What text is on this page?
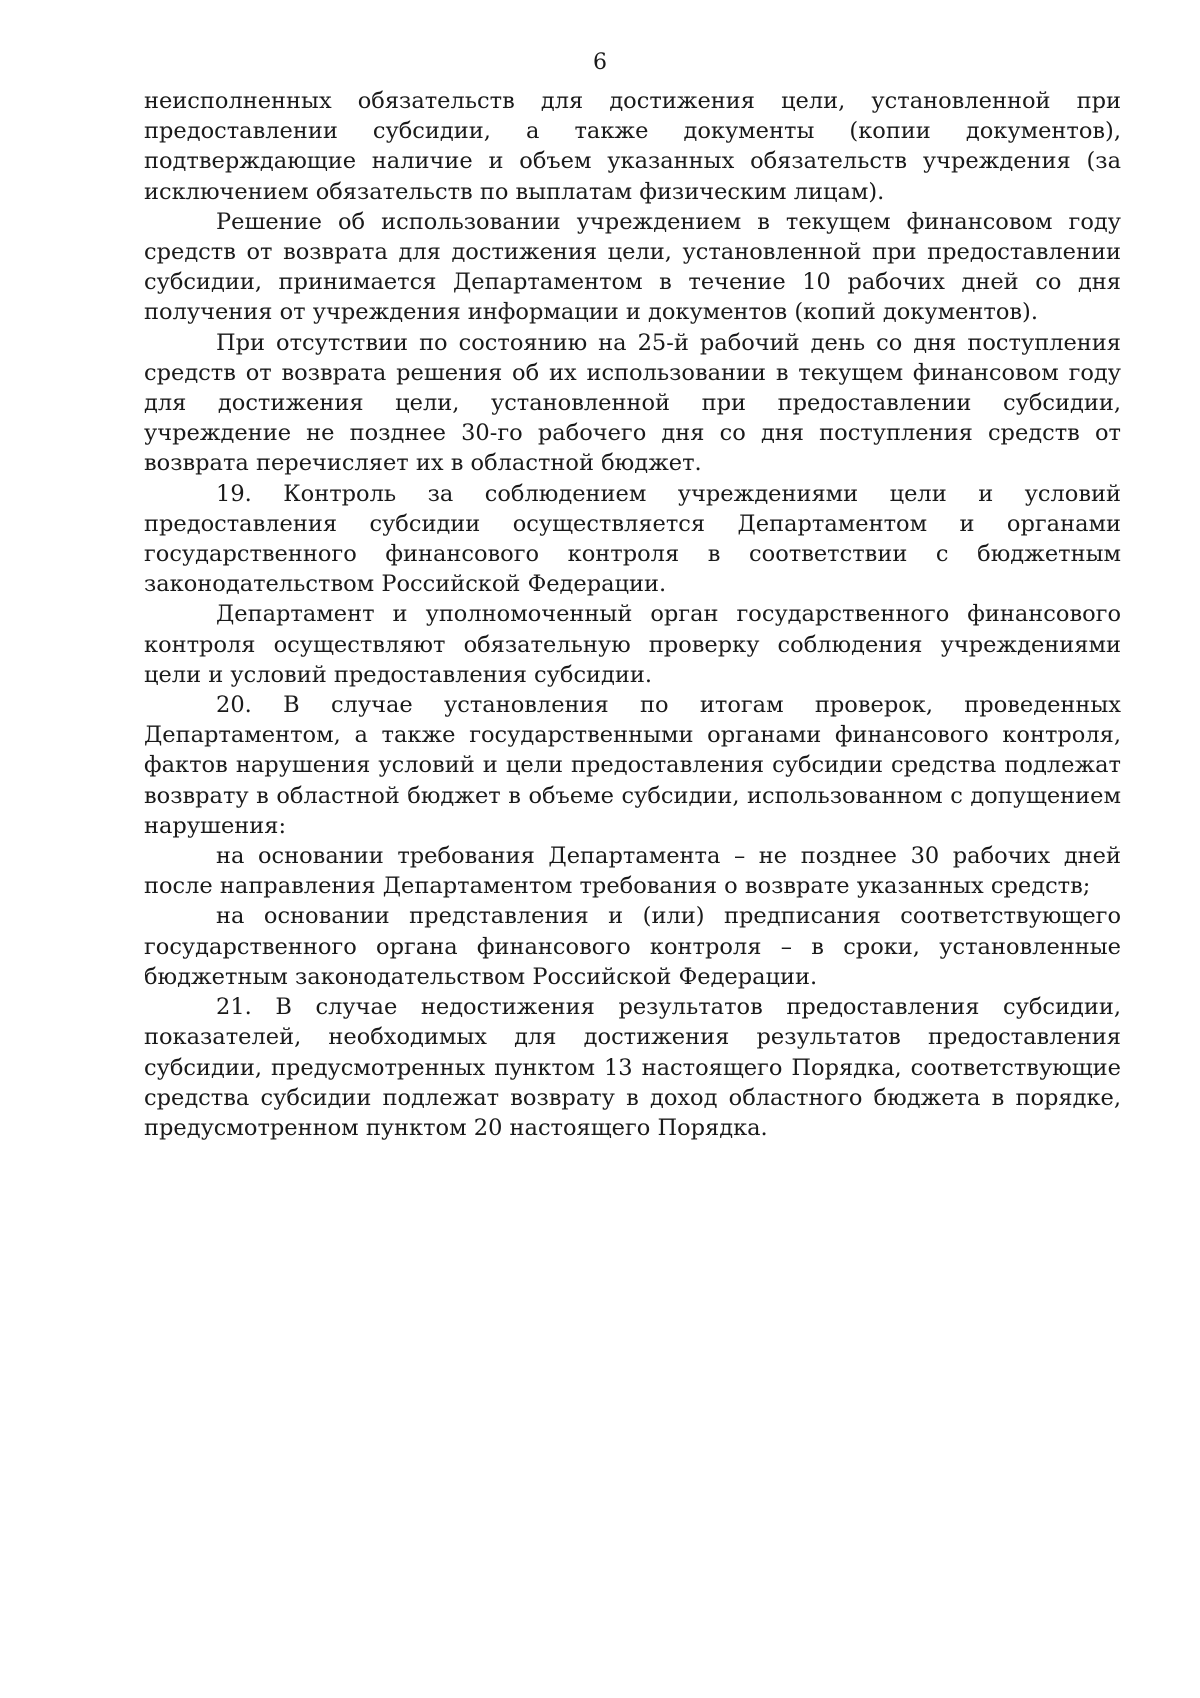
6

неисполненных обязательств для достижения цели, установленной при предоставлении субсидии, а также документы (копии документов), подтверждающие наличие и объем указанных обязательств учреждения (за исключением обязательств по выплатам физическим лицам).

Решение об использовании учреждением в текущем финансовом году средств от возврата для достижения цели, установленной при предоставлении субсидии, принимается Департаментом в течение 10 рабочих дней со дня получения от учреждения информации и документов (копий документов).

При отсутствии по состоянию на 25-й рабочий день со дня поступления средств от возврата решения об их использовании в текущем финансовом году для достижения цели, установленной при предоставлении субсидии, учреждение не позднее 30-го рабочего дня со дня поступления средств от возврата перечисляет их в областной бюджет.

19. Контроль за соблюдением учреждениями цели и условий предоставления субсидии осуществляется Департаментом и органами государственного финансового контроля в соответствии с бюджетным законодательством Российской Федерации.

Департамент и уполномоченный орган государственного финансового контроля осуществляют обязательную проверку соблюдения учреждениями цели и условий предоставления субсидии.

20. В случае установления по итогам проверок, проведенных Департаментом, а также государственными органами финансового контроля, фактов нарушения условий и цели предоставления субсидии средства подлежат возврату в областной бюджет в объеме субсидии, использованном с допущением нарушения:

на основании требования Департамента – не позднее 30 рабочих дней после направления Департаментом требования о возврате указанных средств;

на основании представления и (или) предписания соответствующего государственного органа финансового контроля – в сроки, установленные бюджетным законодательством Российской Федерации.

21. В случае недостижения результатов предоставления субсидии, показателей, необходимых для достижения результатов предоставления субсидии, предусмотренных пунктом 13 настоящего Порядка, соответствующие средства субсидии подлежат возврату в доход областного бюджета в порядке, предусмотренном пунктом 20 настоящего Порядка.
